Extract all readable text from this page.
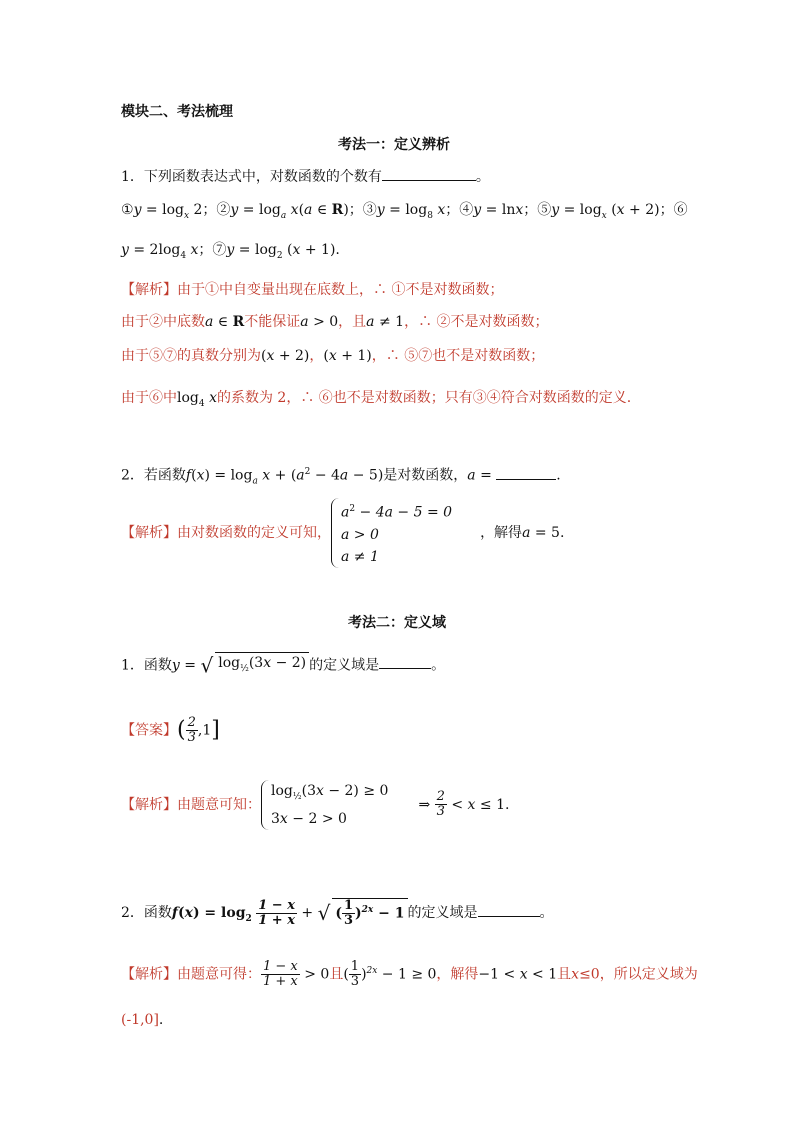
模块二、考法梳理
考法一：定义辨析
1．下列函数表达式中，对数函数的个数有	。
①y = $\log_x 2$；②y = $\log_a x(a$ ∈ R)；③y = $\log_8 x$；④y = lnx；⑤y = $\log_x (x + 2)$；⑥
$y = 2\log_4$ x；⑦y = $\log_2 (x + 1)$.
【解析】由于①中自变量出现在底数上，∴ ①不是对数函数；
由于②中底数a ∈ R不能保证a > 0，且a ≠ 1，∴ ②不是对数函数；
由于⑤⑦的真数分别为(x + 2)，(x + 1)，∴ ⑤⑦也不是对数函数；
由于⑥中$\log_4 x$的系数为 2，∴ ⑥也不是对数函数；只有③④符合对数函数的定义.
2．若函数$f(x) = \log_a x + (a^2 - 4a - 5)$是对数函数，a =	.
【解析】由对数函数的定义可知，
$a^2 - 4a - 5 = 0$
a > 0
a ≠ 1
，解得a = 5.
考法二：定义域
1．函数y = √ $\log_{\frac{1}{2}}(3x - 2)$ 的定义域是	。
【答案】( $\frac{2}{3} ,1$]
【解析】由题意可知：
$\log_{\frac{1}{2}}(3x - 2) \ge 0$
3x − 2 > 0
⇒ $\frac{2}{3} < x \le 1$.
2．函数$f(x) = \log_2 \frac{1 - x}{1 + x}$ + √ ( $\frac{1}{3} )^{2x} - 1$ 的定义域是	。
【解析】由题意可得： $\frac{1 - x}{1 + x} > 0$且( $\frac{1}{3} )^{2x} - 1 \ge 0$，解得−1 < x < 1且x≤0，所以定义域为
(-1,0].
